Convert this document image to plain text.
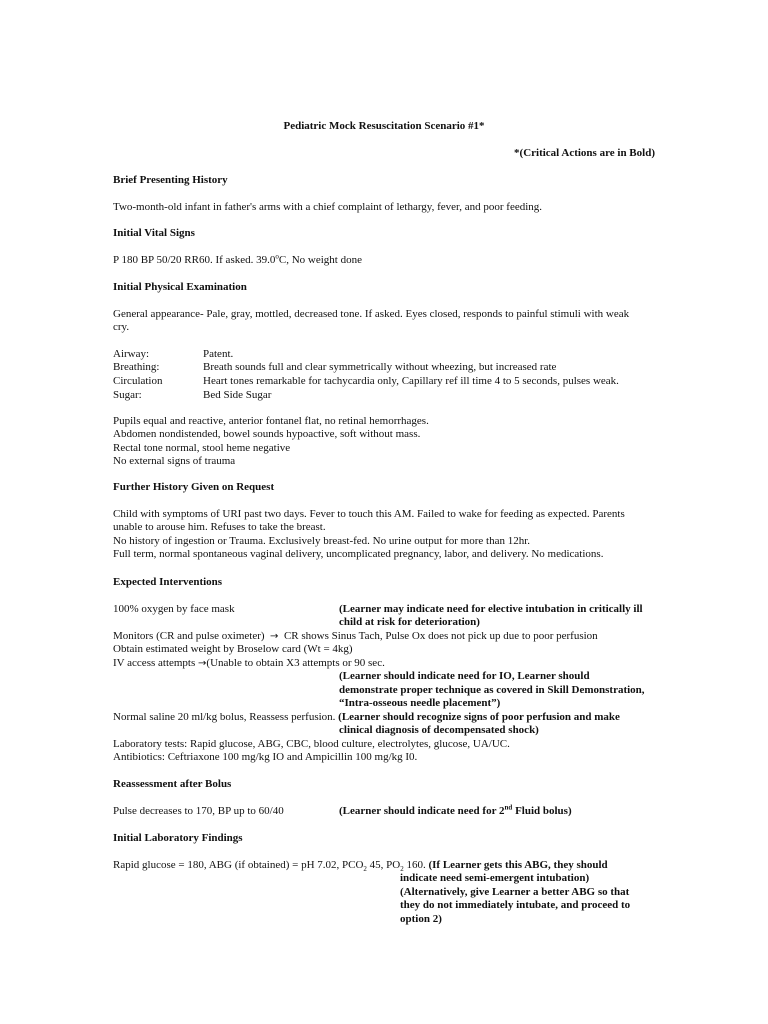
Pediatric Mock Resuscitation Scenario #1*
*(Critical Actions are in Bold)
Brief Presenting History
Two-month-old infant in father's arms with a chief complaint of lethargy, fever, and poor feeding.
Initial Vital Signs
P 180 BP 50/20 RR60. If asked. 39.0$^o$C, No weight done
Initial Physical Examination
General appearance- Pale, gray, mottled, decreased tone. If asked. Eyes closed, responds to painful stimuli with weak
cry.
Airway:	Patent.
Breathing:	Breath sounds full and clear symmetrically without wheezing, but increased rate
Circulation	Heart tones remarkable for tachycardia only, Capillary ref ill time 4 to 5 seconds, pulses weak.
Sugar:	Bed Side Sugar
Pupils equal and reactive, anterior fontanel flat, no retinal hemorrhages.
Abdomen nondistended, bowel sounds hypoactive, soft without mass.
Rectal tone normal, stool heme negative
No external signs of trauma
Further History Given on Request
Child with symptoms of URI past two days. Fever to touch this AM. Failed to wake for feeding as expected. Parents
unable to arouse him. Refuses to take the breast.
No history of ingestion or Trauma. Exclusively breast-fed. No urine output for more than 12hr.
Full term, normal spontaneous vaginal delivery, uncomplicated pregnancy, labor, and delivery. No medications.
Expected Interventions
100% oxygen by face mask	(Learner may indicate need for elective intubation in critically ill
child at risk for deterioration)
Monitors (CR and pulse oximeter) → CR shows Sinus Tach, Pulse Ox does not pick up due to poor perfusion
Obtain estimated weight by Broselow card (Wt = 4kg)
IV access attempts →(Unable to obtain X3 attempts or 90 sec.
(Learner should indicate need for IO, Learner should
demonstrate proper technique as covered in Skill Demonstration,
“Intra-osseous needle placement”)
Normal saline 20 ml/kg bolus, Reassess perfusion. (Learner should recognize signs of poor perfusion and make
clinical diagnosis of decompensated shock)
Laboratory tests: Rapid glucose, ABG, CBC, blood culture, electrolytes, glucose, UA/UC.
Antibiotics: Ceftriaxone 100 mg/kg IO and Ampicillin 100 mg/kg I0.
Reassessment after Bolus
Pulse decreases to 170, BP up to 60/40	(Learner should indicate need for 2nd Fluid bolus)
Initial Laboratory Findings
Rapid glucose = 180, ABG (if obtained) = pH 7.02, $PCO_2$ 45, $PO_2$ 160. (If Learner gets this ABG, they should
indicate need semi-emergent intubation)
(Alternatively, give Learner a better ABG so that
they do not immediately intubate, and proceed to
option 2)
